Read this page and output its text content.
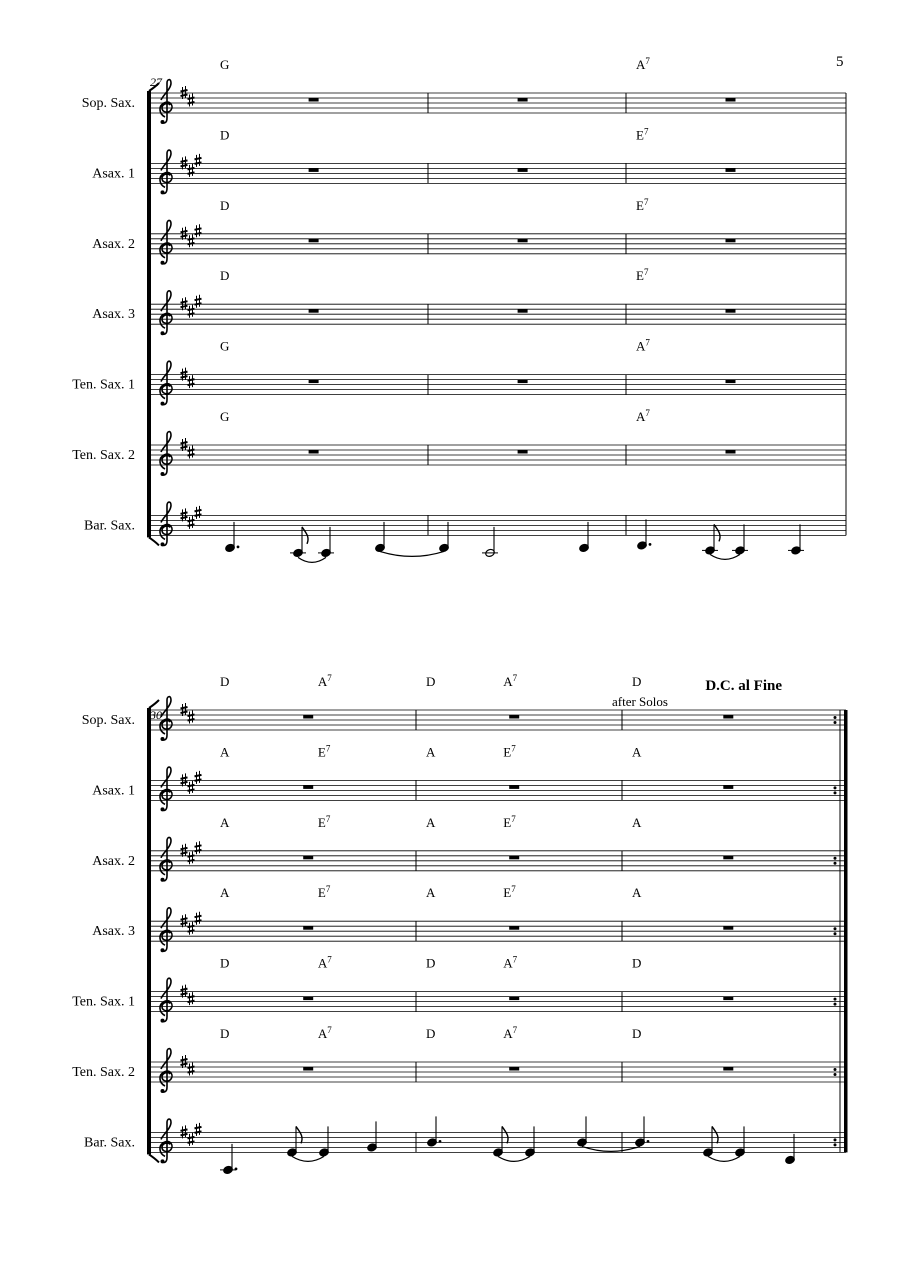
5
27
Sop. Sax.
G	$A^7$
Asax. 1
D	$E^7$
Asax. 2
D	$E^7$
Asax. 3
D	$E^7$
Ten. Sax. 1
G	$A^7$
Ten. Sax. 2
G	$A^7$
Bar. Sax.
30
D.C. al Fine
after Solos
Sop. Sax.
D	$A^7$	D	$A^7$	D
Asax. 1
A	$E^7$	A	$E^7$	A
Asax. 2
A	$E^7$	A	$E^7$	A
Asax. 3
A	$E^7$	A	$E^7$	A
Ten. Sax. 1
D	$A^7$	D	$A^7$	D
Ten. Sax. 2
D	$A^7$	D	$A^7$	D
Bar. Sax.
